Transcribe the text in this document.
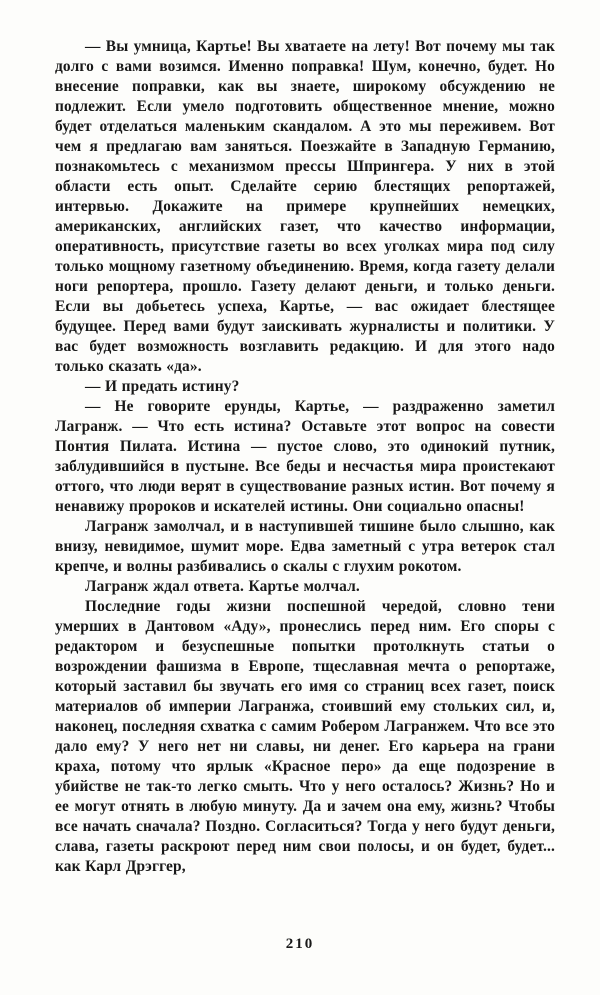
— Вы умница, Картье! Вы хватаете на лету! Вот почему мы так долго с вами возимся. Именно поправка! Шум, конечно, будет. Но внесение поправки, как вы знаете, широкому обсуждению не подлежит. Если умело подготовить общественное мнение, можно будет отделаться маленьким скандалом. А это мы переживем. Вот чем я предлагаю вам заняться. Поезжайте в Западную Германию, познакомьтесь с механизмом прессы Шпрингера. У них в этой области есть опыт. Сделайте серию блестящих репортажей, интервью. Докажите на примере крупнейших немецких, американских, английских газет, что качество информации, оперативность, присутствие газеты во всех уголках мира под силу только мощному газетному объединению. Время, когда газету делали ноги репортера, прошло. Газету делают деньги, и только деньги. Если вы добьетесь успеха, Картье, — вас ожидает блестящее будущее. Перед вами будут заискивать журналисты и политики. У вас будет возможность возглавить редакцию. И для этого надо только сказать «да».

— И предать истину?

— Не говорите ерунды, Картье, — раздраженно заметил Лагранж. — Что есть истина? Оставьте этот вопрос на совести Понтия Пилата. Истина — пустое слово, это одинокий путник, заблудившийся в пустыне. Все беды и несчастья мира проистекают оттого, что люди верят в существование разных истин. Вот почему я ненавижу пророков и искателей истины. Они социально опасны!

Лагранж замолчал, и в наступившей тишине было слышно, как внизу, невидимое, шумит море. Едва заметный с утра ветерок стал крепче, и волны разбивались о скалы с глухим рокотом.

Лагранж ждал ответа. Картье молчал.

Последние годы жизни поспешной чередой, словно тени умерших в Дантовом «Аду», пронеслись перед ним. Его споры с редактором и безуспешные попытки протолкнуть статьи о возрождении фашизма в Европе, тщеславная мечта о репортаже, который заставил бы звучать его имя со страниц всех газет, поиск материалов об империи Лагранжа, стоивший ему стольких сил, и, наконец, последняя схватка с самим Робером Лагранжем. Что все это дало ему? У него нет ни славы, ни денег. Его карьера на грани краха, потому что ярлык «Красное перо» да еще подозрение в убийстве не так-то легко смыть. Что у него осталось? Жизнь? Но и ее могут отнять в любую минуту. Да и зачем она ему, жизнь? Чтобы все начать сначала? Поздно. Согласиться? Тогда у него будут деньги, слава, газеты раскроют перед ним свои полосы, и он будет, будет... как Карл Дрэггер,

210
